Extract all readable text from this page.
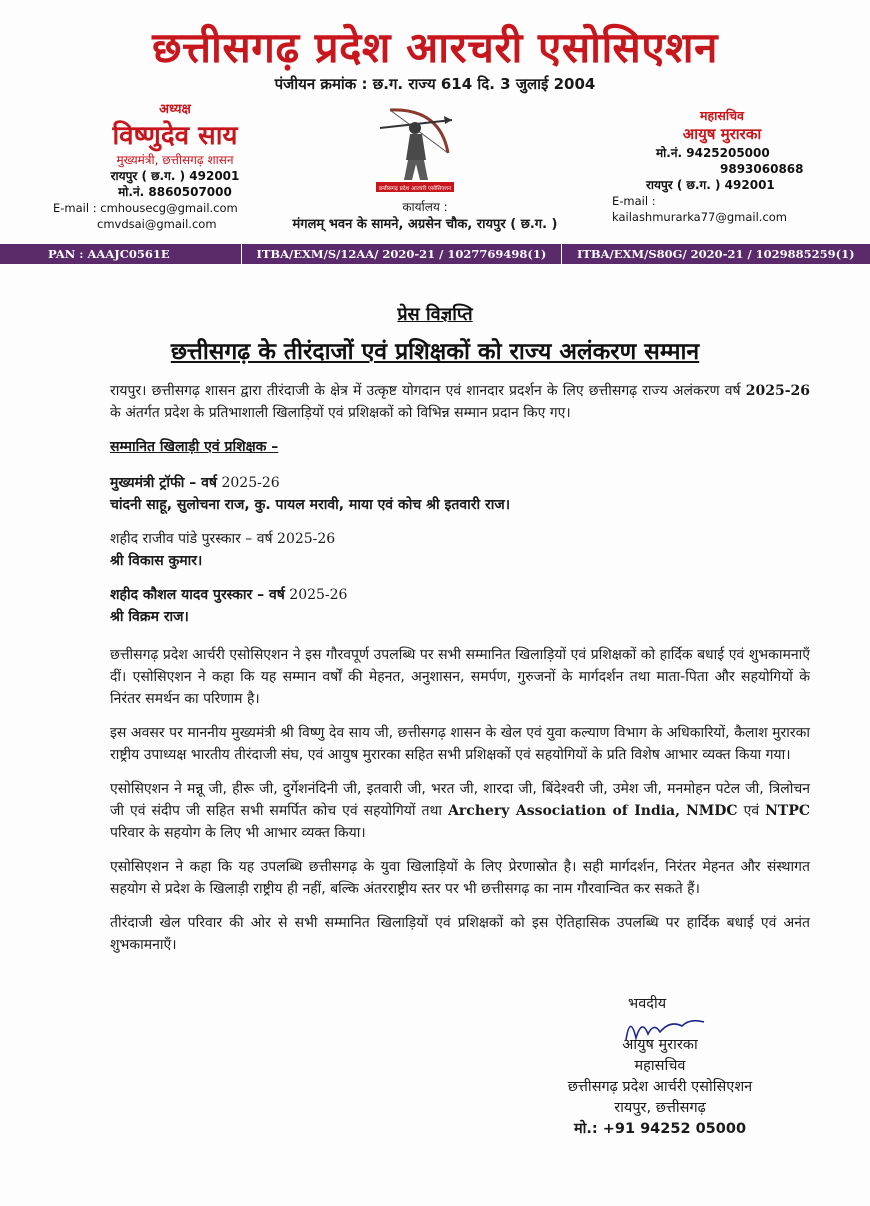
छत्तीसगढ़ प्रदेश आरचरी एसोसिएशन
पंजीयन क्रमांक : छ.ग. राज्य 614 दि. 3 जुलाई 2004
अध्यक्ष
विष्णुदेव साय
मुख्यमंत्री, छत्तीसगढ़ शासन
रायपुर ( छ.ग. ) 492001
मो.नं. 8860507000
E-mail : cmhousecg@gmail.com
cmvdsai@gmail.com
छत्तीसगढ़ प्रदेश आरचरी एसोसिएशन
कार्यालय :
मंगलम् भवन के सामने, अग्रसेन चौक, रायपुर ( छ.ग. )
महासचिव
आयुष मुरारका
मो.नं. 9425205000
9893060868
रायपुर ( छ.ग. ) 492001
E-mail : kailashmurarka77@gmail.com
PAN : AAAJC0561E	ITBA/EXM/S/12AA/ 2020-21 / 1027769498(1)	ITBA/EXM/S80G/ 2020-21 / 1029885259(1)
प्रेस विज्ञप्ति
छत्तीसगढ़ के तीरंदाजों एवं प्रशिक्षकों को राज्य अलंकरण सम्मान

रायपुर। छत्तीसगढ़ शासन द्वारा तीरंदाजी के क्षेत्र में उत्कृष्ट योगदान एवं शानदार प्रदर्शन के लिए छत्तीसगढ़ राज्य अलंकरण वर्ष 2025-26 के अंतर्गत प्रदेश के प्रतिभाशाली खिलाड़ियों एवं प्रशिक्षकों को विभिन्न सम्मान प्रदान किए गए।

सम्मानित खिलाड़ी एवं प्रशिक्षक –
मुख्यमंत्री ट्रॉफी – वर्ष 2025-26
चांदनी साहू, सुलोचना राज, कु. पायल मरावी, माया एवं कोच श्री इतवारी राज।
शहीद राजीव पांडे पुरस्कार – वर्ष 2025-26
श्री विकास कुमार।
शहीद कौशल यादव पुरस्कार – वर्ष 2025-26
श्री विक्रम राज।

छत्तीसगढ़ प्रदेश आर्चरी एसोसिएशन ने इस गौरवपूर्ण उपलब्धि पर सभी सम्मानित खिलाड़ियों एवं प्रशिक्षकों को हार्दिक बधाई एवं शुभकामनाएँ दीं। एसोसिएशन ने कहा कि यह सम्मान वर्षों की मेहनत, अनुशासन, समर्पण, गुरुजनों के मार्गदर्शन तथा माता-पिता और सहयोगियों के निरंतर समर्थन का परिणाम है।

इस अवसर पर माननीय मुख्यमंत्री श्री विष्णु देव साय जी, छत्तीसगढ़ शासन के खेल एवं युवा कल्याण विभाग के अधिकारियों, कैलाश मुरारका राष्ट्रीय उपाध्यक्ष भारतीय तीरंदाजी संघ, एवं आयुष मुरारका सहित सभी प्रशिक्षकों एवं सहयोगियों के प्रति विशेष आभार व्यक्त किया गया।

एसोसिएशन ने मन्नू जी, हीरू जी, दुर्गेशनंदिनी जी, इतवारी जी, भरत जी, शारदा जी, बिंदेश्वरी जी, उमेश जी, मनमोहन पटेल जी, त्रिलोचन जी एवं संदीप जी सहित सभी समर्पित कोच एवं सहयोगियों तथा Archery Association of India, NMDC एवं NTPC परिवार के सहयोग के लिए भी आभार व्यक्त किया।

एसोसिएशन ने कहा कि यह उपलब्धि छत्तीसगढ़ के युवा खिलाड़ियों के लिए प्रेरणास्रोत है। सही मार्गदर्शन, निरंतर मेहनत और संस्थागत सहयोग से प्रदेश के खिलाड़ी राष्ट्रीय ही नहीं, बल्कि अंतरराष्ट्रीय स्तर पर भी छत्तीसगढ़ का नाम गौरवान्वित कर सकते हैं।

तीरंदाजी खेल परिवार की ओर से सभी सम्मानित खिलाड़ियों एवं प्रशिक्षकों को इस ऐतिहासिक उपलब्धि पर हार्दिक बधाई एवं अनंत शुभकामनाएँ।

भवदीय
आयुष मुरारका
महासचिव
छत्तीसगढ़ प्रदेश आर्चरी एसोसिएशन
रायपुर, छत्तीसगढ़
मो.: +91 94252 05000
